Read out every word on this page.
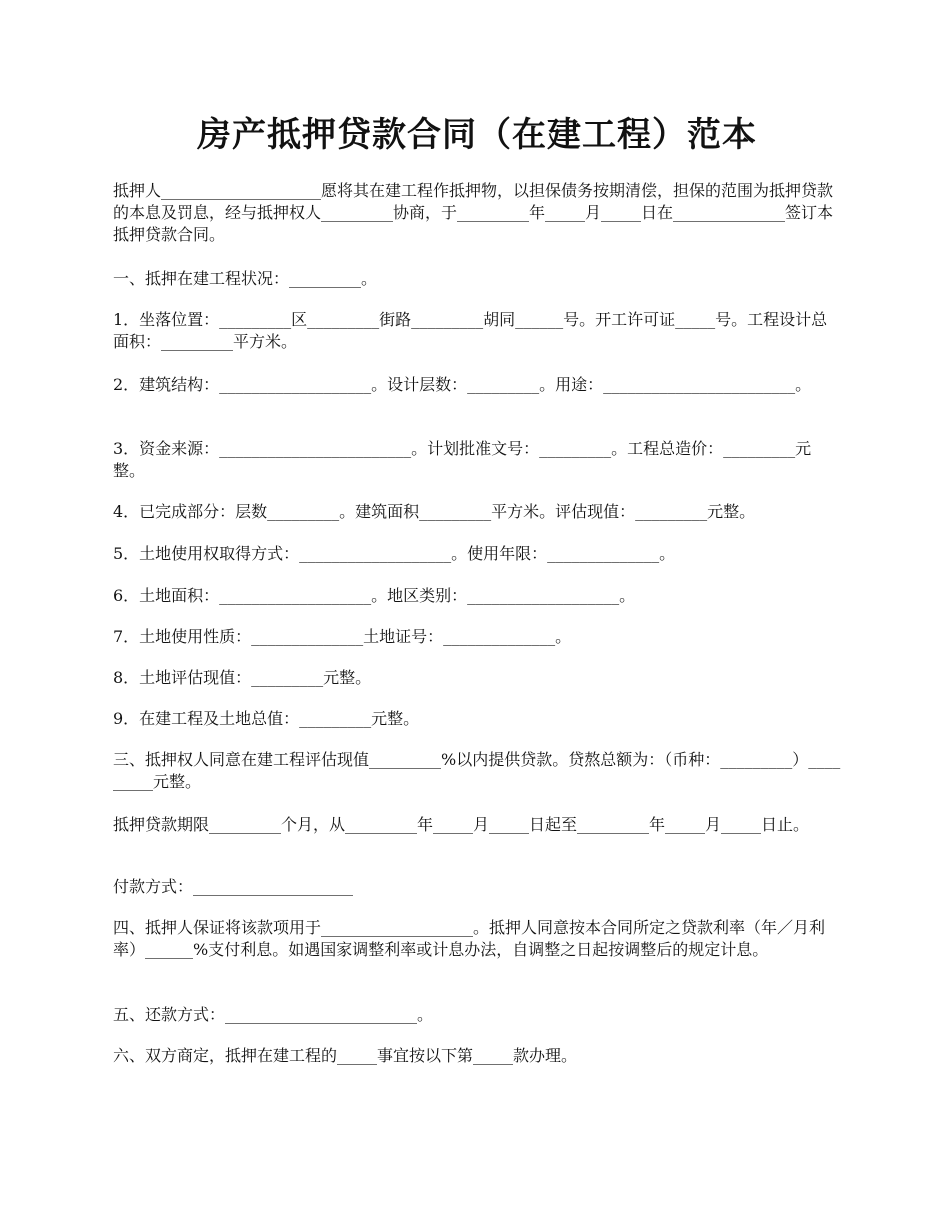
房产抵押贷款合同（在建工程）范本

抵押人____________________愿将其在建工程作抵押物，以担保债务按期清偿，担保的范围为抵押贷款的本息及罚息，经与抵押权人_________协商，于_________年_____月_____日在______________签订本抵押贷款合同。

一、抵押在建工程状况：_________。

1．坐落位置：_________区_________街路_________胡同______号。开工许可证_____号。工程设计总面积：_________平方米。

2．建筑结构：___________________。设计层数：_________。用途：________________________。

3．资金来源：________________________。计划批准文号：_________。工程总造价：_________元整。

4．已完成部分：层数_________。建筑面积_________平方米。评估现值：_________元整。

5．土地使用权取得方式：___________________。使用年限：______________。

6．土地面积：___________________。地区类别：___________________。

7．土地使用性质：______________土地证号：______________。

8．土地评估现值：_________元整。

9．在建工程及土地总值：_________元整。

三、抵押权人同意在建工程评估现值_________%以内提供贷款。贷熬总额为：（币种：_________）_________元整。

抵押贷款期限_________个月，从_________年_____月_____日起至_________年_____月_____日止。

付款方式：____________________

四、抵押人保证将该款项用于___________________。抵押人同意按本合同所定之贷款利率（年／月利率）______%支付利息。如遇国家调整利率或计息办法，自调整之日起按调整后的规定计息。

五、还款方式：________________________。

六、双方商定，抵押在建工程的_____事宜按以下第_____款办理。
